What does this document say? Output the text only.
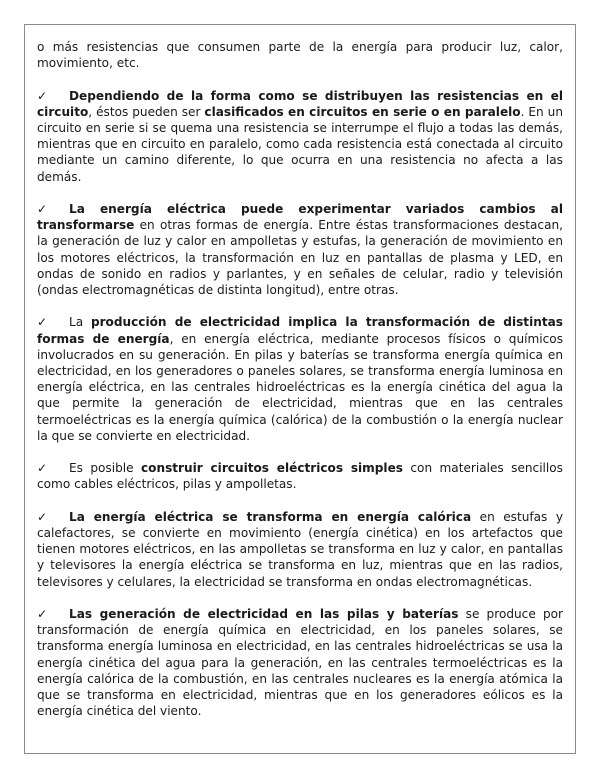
o más resistencias que consumen parte de la energía para producir luz, calor, movimiento, etc.

✓ Dependiendo de la forma como se distribuyen las resistencias en el circuito, éstos pueden ser clasificados en circuitos en serie o en paralelo. En un circuito en serie si se quema una resistencia se interrumpe el flujo a todas las demás, mientras que en circuito en paralelo, como cada resistencia está conectada al circuito mediante un camino diferente, lo que ocurra en una resistencia no afecta a las demás.

✓ La energía eléctrica puede experimentar variados cambios al transformarse en otras formas de energía. Entre éstas transformaciones destacan, la generación de luz y calor en ampolletas y estufas, la generación de movimiento en los motores eléctricos, la transformación en luz en pantallas de plasma y LED, en ondas de sonido en radios y parlantes, y en señales de celular, radio y televisión (ondas electromagnéticas de distinta longitud), entre otras.

✓ La producción de electricidad implica la transformación de distintas formas de energía, en energía eléctrica, mediante procesos físicos o químicos involucrados en su generación. En pilas y baterías se transforma energía química en electricidad, en los generadores o paneles solares, se transforma energía luminosa en energía eléctrica, en las centrales hidroeléctricas es la energía cinética del agua la que permite la generación de electricidad, mientras que en las centrales termoeléctricas es la energía química (calórica) de la combustión o la energía nuclear la que se convierte en electricidad.

✓ Es posible construir circuitos eléctricos simples con materiales sencillos como cables eléctricos, pilas y ampolletas.

✓ La energía eléctrica se transforma en energía calórica en estufas y calefactores, se convierte en movimiento (energía cinética) en los artefactos que tienen motores eléctricos, en las ampolletas se transforma en luz y calor, en pantallas y televisores la energía eléctrica se transforma en luz, mientras que en las radios, televisores y celulares, la electricidad se transforma en ondas electromagnéticas.

✓ Las generación de electricidad en las pilas y baterías se produce por transformación de energía química en electricidad, en los paneles solares, se transforma energía luminosa en electricidad, en las centrales hidroeléctricas se usa la energía cinética del agua para la generación, en las centrales termoeléctricas es la energía calórica de la combustión, en las centrales nucleares es la energía atómica la que se transforma en electricidad, mientras que en los generadores eólicos es la energía cinética del viento.
